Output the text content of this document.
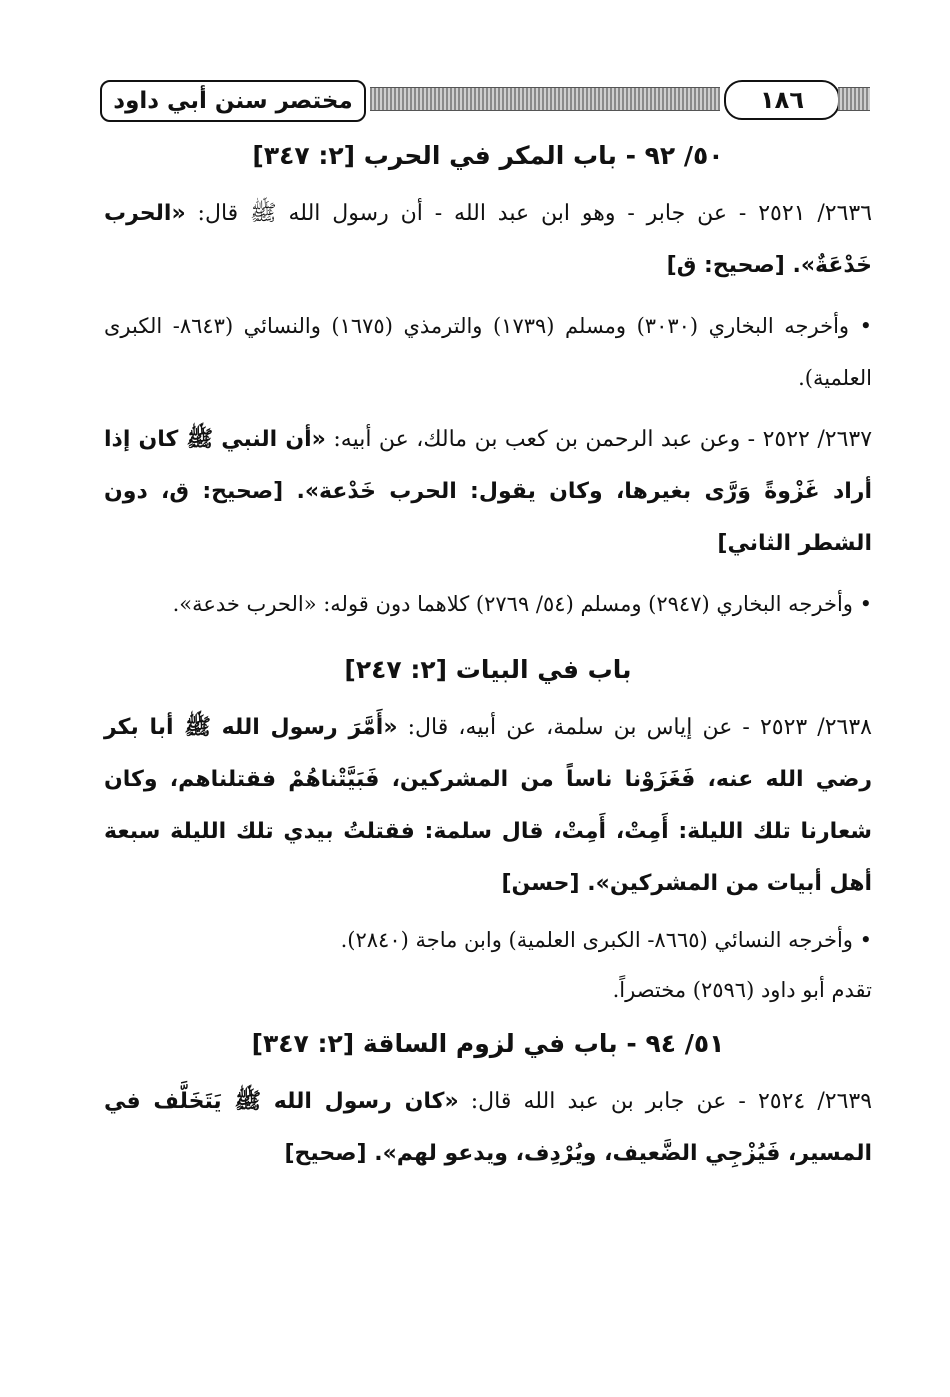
مختصر سنن أبي داود	١٨٦
٥٠/ ٩٢ - باب المكر في الحرب [٢: ٣٤٧]

٢٦٣٦/ ٢٥٢١ - عن جابر - وهو ابن عبد الله - أن رسول الله ﷺ قال: «الحرب خَدْعَةٌ». [صحيح: ق]

• وأخرجه البخاري (٣٠٣٠) ومسلم (١٧٣٩) والترمذي (١٦٧٥) والنسائي (٨٦٤٣- الكبرى العلمية).

٢٦٣٧/ ٢٥٢٢ - وعن عبد الرحمن بن كعب بن مالك، عن أبيه: «أن النبي ﷺ كان إذا أراد غَزْوةً وَرَّى بغيرها، وكان يقول: الحرب خَدْعة». [صحيح: ق، دون الشطر الثاني]

• وأخرجه البخاري (٢٩٤٧) ومسلم (٥٤/ ٢٧٦٩) كلاهما دون قوله: «الحرب خدعة».

باب في البيات [٢: ٢٤٧]

٢٦٣٨/ ٢٥٢٣ - عن إياس بن سلمة، عن أبيه، قال: «أَمَّرَ رسول الله ﷺ أبا بكر رضي الله عنه، فَغَزَوْنا ناساً من المشركين، فَبَيَّتْناهُمْ فقتلناهم، وكان شعارنا تلك الليلة: أَمِتْ، أَمِتْ، قال سلمة: فقتلتُ بيدي تلك الليلة سبعة أهل أبيات من المشركين». [حسن]

• وأخرجه النسائي (٨٦٦٥- الكبرى العلمية) وابن ماجة (٢٨٤٠).

تقدم أبو داود (٢٥٩٦) مختصراً.

٥١/ ٩٤ - باب في لزوم الساقة [٢: ٣٤٧]

٢٦٣٩/ ٢٥٢٤ - عن جابر بن عبد الله قال: «كان رسول الله ﷺ يَتَخَلَّف في المسير، فَيُزْجِي الضَّعيف، ويُرْدِف، ويدعو لهم». [صحيح]
